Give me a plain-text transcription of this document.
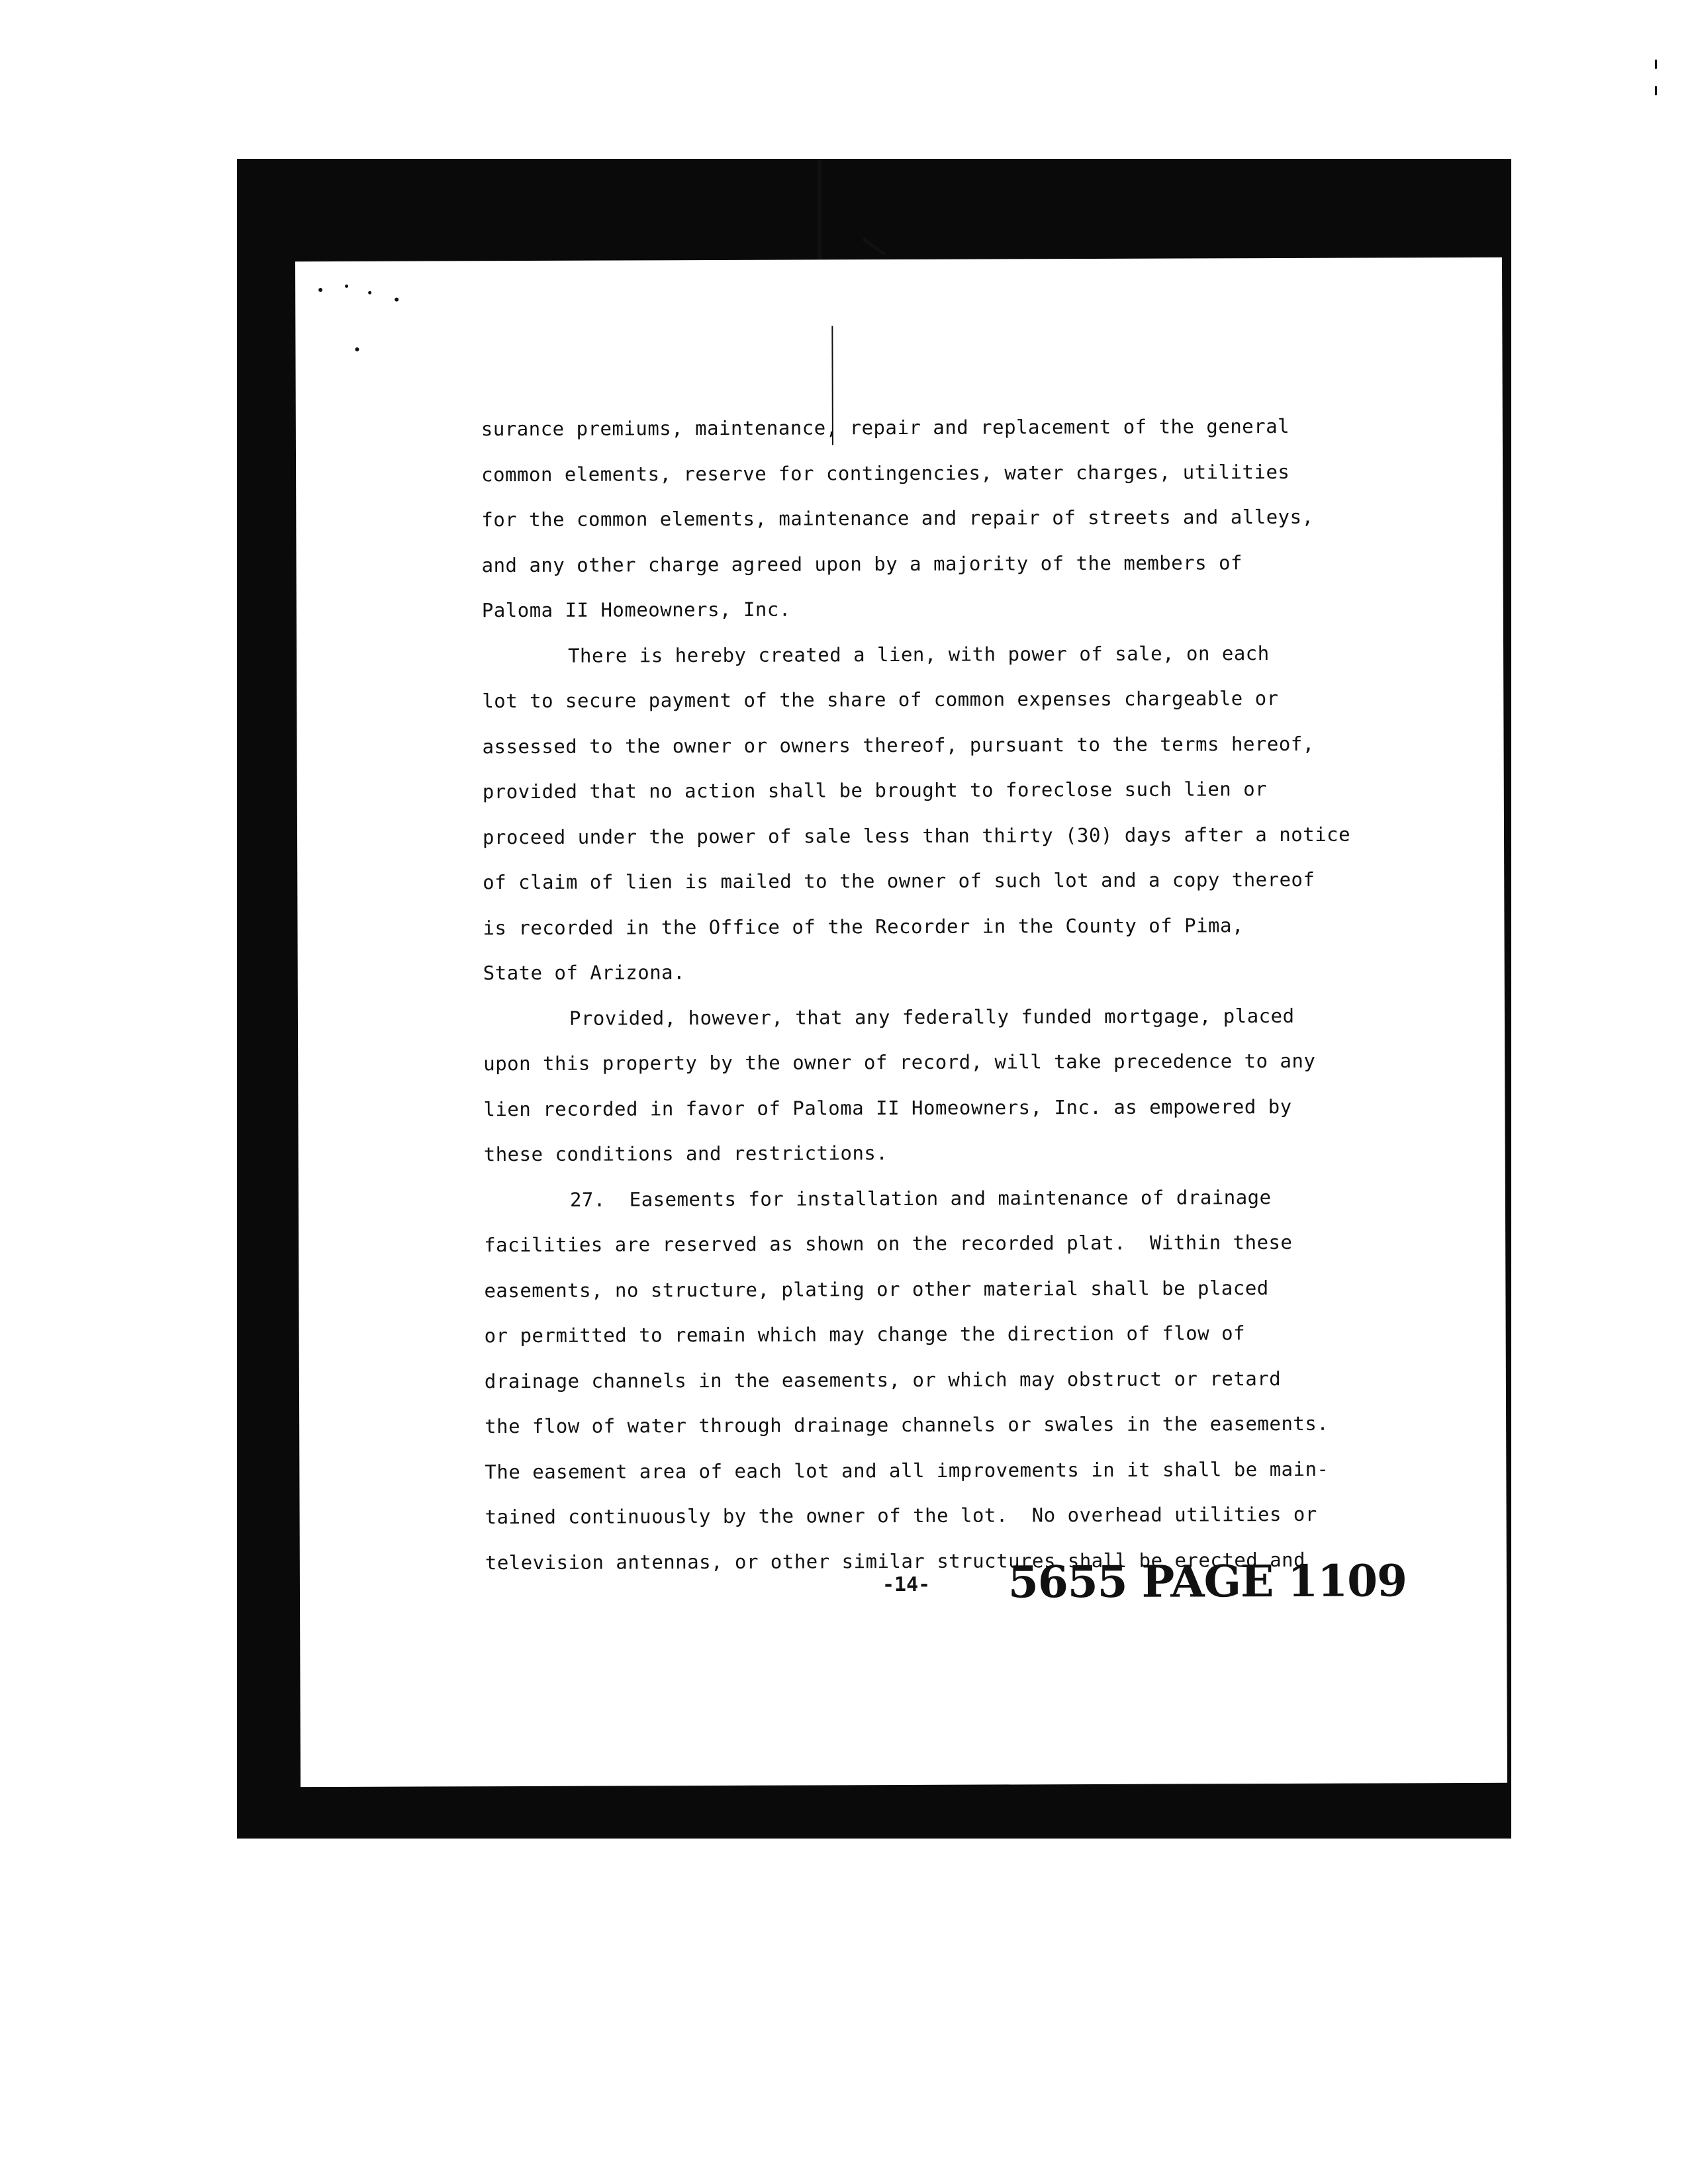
surance premiums, maintenance, repair and replacement of the general
common elements, reserve for contingencies, water charges, utilities
for the common elements, maintenance and repair of streets and alleys,
and any other charge agreed upon by a majority of the members of
Paloma II Homeowners, Inc.
There is hereby created a lien, with power of sale, on each
lot to secure payment of the share of common expenses chargeable or
assessed to the owner or owners thereof, pursuant to the terms hereof,
provided that no action shall be brought to foreclose such lien or
proceed under the power of sale less than thirty (30) days after a notice
of claim of lien is mailed to the owner of such lot and a copy thereof
is recorded in the Office of the Recorder in the County of Pima,
State of Arizona.
Provided, however, that any federally funded mortgage, placed
upon this property by the owner of record, will take precedence to any
lien recorded in favor of Paloma II Homeowners, Inc. as empowered by
these conditions and restrictions.
27.  Easements for installation and maintenance of drainage
facilities are reserved as shown on the recorded plat.  Within these
easements, no structure, plating or other material shall be placed
or permitted to remain which may change the direction of flow of
drainage channels in the easements, or which may obstruct or retard
the flow of water through drainage channels or swales in the easements.
The easement area of each lot and all improvements in it shall be main-
tained continuously by the owner of the lot.  No overhead utilities or
television antennas, or other similar structures shall be erected and
-14- 5655 PAGE 1109
